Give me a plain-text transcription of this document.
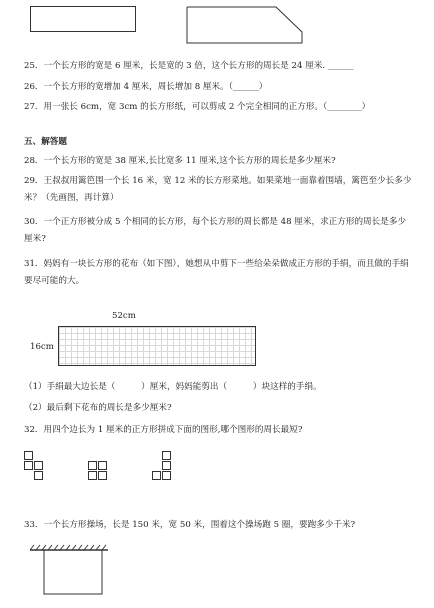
25．一个长方形的宽是 6 厘米，长是宽的 3 倍，这个长方形的周长是 24 厘米. ______
26．一个长方形的宽增加 4 厘米，周长增加 8 厘米。（______）
27．用一张长 6cm，宽 3cm 的长方形纸，可以剪成 2 个完全相同的正方形。（________）
五、解答题
28．一个长方形的宽是 38 厘米,长比宽多 11 厘米,这个长方形的周长是多少厘米?
29．王叔叔用篱笆围一个长 16 米，宽 12 米的长方形菜地。如果菜地一面靠着围墙，篱笆至少长多少米？（先画图，再计算）
30．一个正方形被分成 5 个相同的长方形，每个长方形的周长都是 48 厘米，求正方形的周长是多少厘米?
31．妈妈有一块长方形的花布（如下图），她想从中剪下一些给朵朵做成正方形的手绢，而且做的手绢要尽可能的大。
52cm
16cm
（1）手绢最大边长是（　　　）厘米，妈妈能剪出（　　　）块这样的手绢。
（2）最后剩下花布的周长是多少厘米?
32．用四个边长为 1 厘米的正方形拼成下面的图形,哪个图形的周长最短?
33．一个长方形操场，长是 150 米，宽 50 米，围着这个操场跑 5 圈，要跑多少千米?
